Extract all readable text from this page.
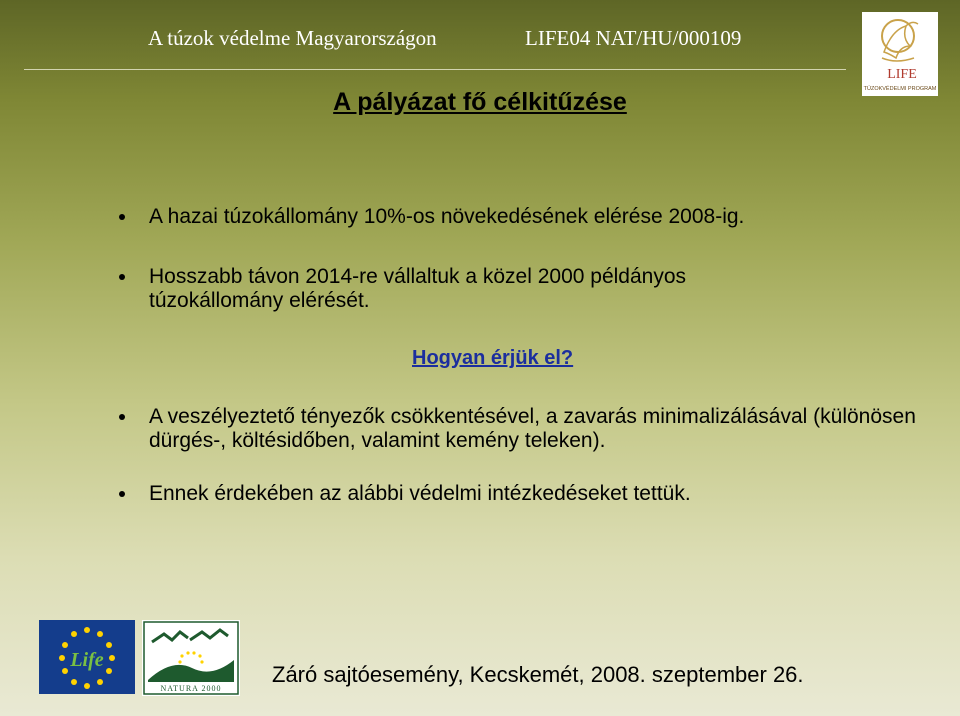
A túzok védelme Magyarországon	LIFE04 NAT/HU/000109
LIFE
TÚZOKVÉDELMI PROGRAM
A pályázat fő célkitűzése
A hazai túzokállomány 10%-os növekedésének elérése 2008-ig.
Hosszabb távon 2014-re vállaltuk a közel 2000 példányos túzokállomány elérését.
Hogyan érjük el?
A veszélyeztető tényezők csökkentésével, a zavarás minimalizálásával (különösen dürgés-, költésidőben, valamint kemény teleken).
Ennek érdekében az alábbi védelmi intézkedéseket tettük.
Life
NATURA 2000
Záró sajtóesemény, Kecskemét, 2008. szeptember 26.
